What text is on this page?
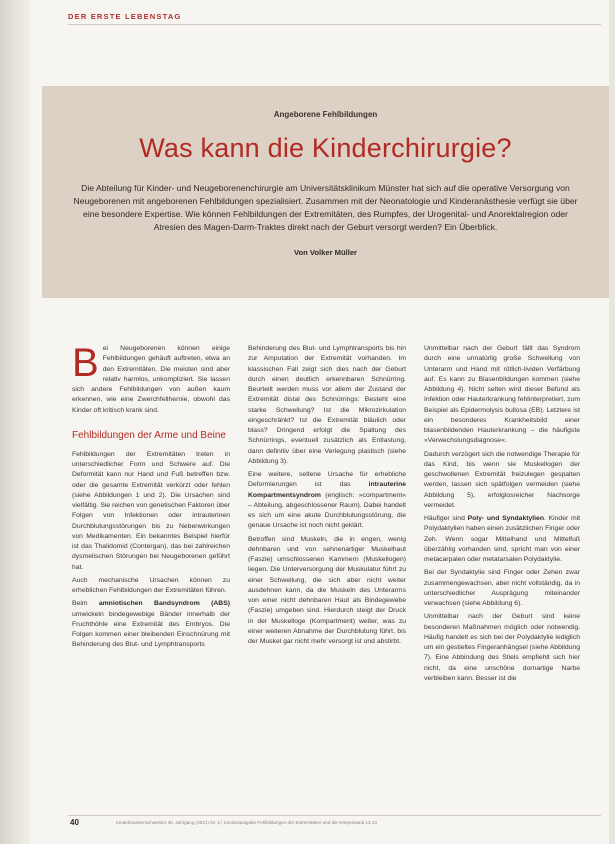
DER ERSTE LEBENSTAG
Angeborene Fehlbildungen
Was kann die Kinderchirurgie?
Die Abteilung für Kinder- und Neugeborenenchirurgie am Universitätsklinikum Münster hat sich auf die operative Versorgung von Neugeborenen mit angeborenen Fehlbildungen spezialisiert. Zusammen mit der Neonatologie und Kinderanästhesie verfügt sie über eine besondere Expertise. Wie können Fehlbildungen der Extremitäten, des Rumpfes, der Urogenital- und Anorektalregion oder Atresien des Magen-Darm-Traktes direkt nach der Geburt versorgt werden? Ein Überblick.
Von Volker Müller

Bei Neugeborenen können einige Fehlbildungen gehäuft auftreten, etwa an den Extremitäten. Die meisten sind aber relativ harmlos, unkompliziert. Sie lassen sich andere Fehlbildungen von außen kaum erkennen, wie eine Zwerchfellhernie, obwohl das Kinder oft kritisch krank sind.

Fehlbildungen der Arme und Beine

Fehlbildungen der Extremitäten treten in unterschiedlicher Form und Schwere auf. Die Deformität kann nur Hand und Fuß betreffen bzw. oder die gesamte Extremität verkürzt oder fehlen (siehe Abbildungen 1 und 2). Die Ursachen sind vielfältig. Sie reichen von genetischen Faktoren über Folgen von Infektionen oder intrauterinen Durchblutungsstörungen bis zu Nebenwirkungen von Medikamenten. Ein bekanntes Beispiel hierfür ist das Thalidomid (Contergan), das bei zahlreichen dysmelischen Störungen bei Neugeborenen geführt hat.

Auch mechanische Ursachen können zu erheblichen Fehlbildungen der Extremitäten führen.

Beim amniotischen Bandsyndrom (ABS) umwickeln bindegewebige Bänder innerhalb der Fruchthöhle eine Extremität des Embryos. Die Folgen kommen einer bleibenden Einschnürung mit Behinderung des Blut- und Lymphtransports

Behinderung des Blut- und Lymphtransports bis hin zur Amputation der Extremität vorhanden. Im klassischen Fall zeigt sich dies nach der Geburt durch einen deutlich erkennbaren Schnürring. Beurteilt werden muss vor allem der Zustand der Extremität distal des Schnürrings: Besteht eine starke Schwellung? Ist die Mikrozirkulation eingeschränkt? Ist die Extremität bläulich oder blass? Dringend erfolgt die Spaltung des Schnürrings, eventuell zusätzlich als Entlastung, dann definitiv über eine Verlegung plastisch (siehe Abbildung 3).

Eine weitere, seltene Ursache für erhebliche Deformierungen ist das intrauterine Kompartmentsyndrom (englisch: »compartment« – Abteilung, abgeschlossener Raum). Dabei handelt es sich um eine akute Durchblutungsstörung, die genaue Ursache ist noch nicht geklärt.

Betroffen sind Muskeln, die in engen, wenig dehnbaren und von sehnenartiger Muskelhaut (Faszie) umschlossenen Kammern (Muskellogen) liegen. Die Unterversorgung der Muskulatur führt zu einer Schwellung, die sich aber nicht weiter ausdehnen kann, da die Muskeln des Unterarms von einer nicht dehnbaren Haut als Bindegewebe (Faszie) umgeben sind. Hierdurch steigt der Druck in der Muskelloge (Kompartment) weiter, was zu einer weiteren Abnahme der Durchblutung führt, bis der Muskel gar nicht mehr versorgt ist und abstirbt.

Unmittelbar nach der Geburt fällt das Syndrom durch eine unnatürlig große Schwellung von Unterarm und Hand mit rötlich-lividen Verfärbung auf. Es kann zu Blasenbildungen kommen (siehe Abbildung 4). Nicht selten wird dieser Befund als Infektion oder Hauterkrankung fehlinterpretiert, zum Beispiel als Epidermolysis bullosa (EB). Letztere ist ein besonderes Krankheitsbild einer blasenbildenden Hauterkrankung – die häufigste »Verwechslungsdiagnose«.

Dadurch verzögert sich die notwendige Therapie für das Kind, bis wenn sie Muskellogen der geschwollenen Extremität freizulegen gespalten werden, lassen sich spätfolgen vermeiden (siehe Abbildung 5), erfolglosreicher Nachsorge vermeidet.

Häufiger sind Poly- und Syndaktylien. Kinder mit Polydaktylien haben einen zusätzlichen Finger oder Zeh. Wenn sogar Mittelhand und Mittelfuß überzählig vorhanden sind, spricht man von einer metacarpalen oder metatarsalen Polydaktylie.

Bei der Syndaktylie sind Finger oder Zehen zwar zusammengewachsen, aber nicht vollständig, da in unterschiedlicher Ausprägung miteinander verwachsen (siehe Abbildung 6).

Unmittelbar nach der Geburt sind keine besonderen Maßnahmen möglich oder notwendig. Häufig handelt es sich bei der Polydaktylie lediglich um ein gestieltes Fingeranhängsel (siehe Abbildung 7). Eine Abbindung des Stiels empfiehlt sich hier nicht, da eine unschöne dornartige Narbe verbleiben kann. Besser ist die

40	Kinderkrankenschwester 40. Jahrgang (2021) Nr. 2 | Sonderausgabe Fehlbildungen der Extremitäten und der Körperwand 13 13
